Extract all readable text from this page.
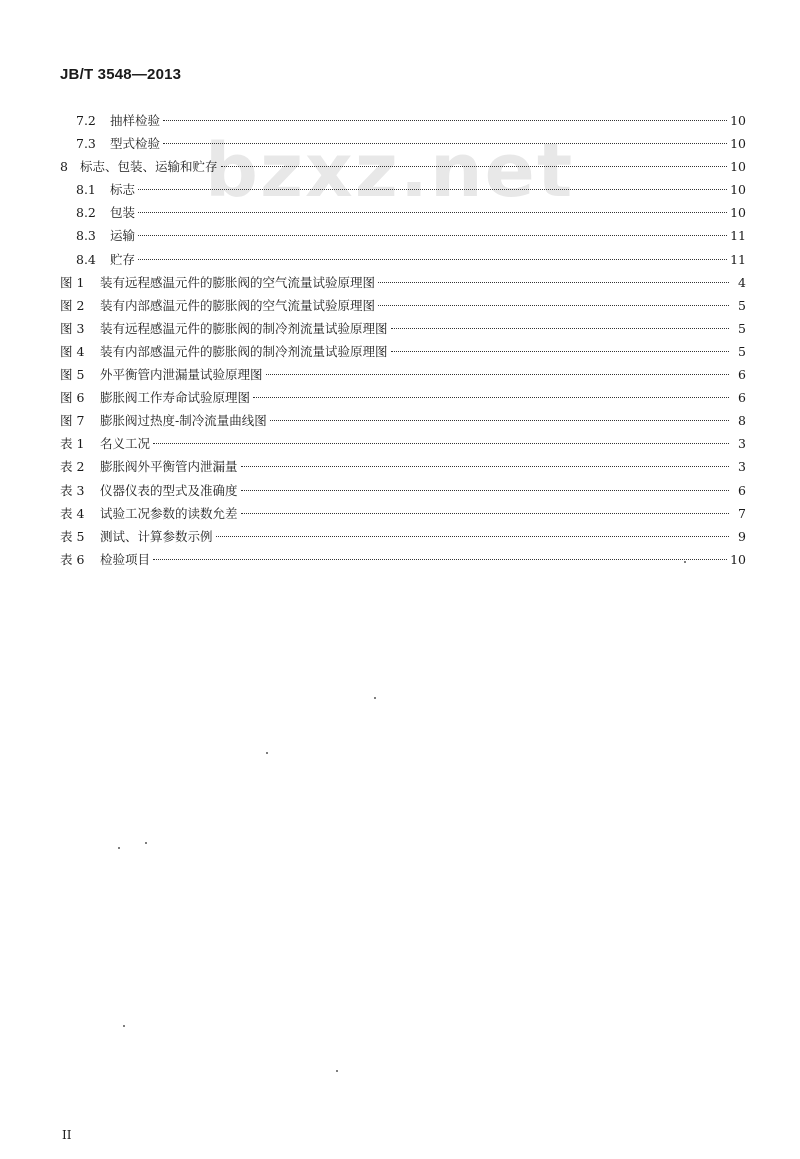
JB/T 3548—2013
bzxz.net
7.2	抽样检验	10
7.3	型式检验	10
8 标志、包装、运输和贮存	10
8.1	标志	10
8.2	包装	10
8.3	运输	11
8.4	贮存	11
图 1	装有远程感温元件的膨胀阀的空气流量试验原理图	4
图 2	装有内部感温元件的膨胀阀的空气流量试验原理图	5
图 3	装有远程感温元件的膨胀阀的制冷剂流量试验原理图	5
图 4	装有内部感温元件的膨胀阀的制冷剂流量试验原理图	5
图 5	外平衡管内泄漏量试验原理图	6
图 6	膨胀阀工作寿命试验原理图	6
图 7	膨胀阀过热度-制冷流量曲线图	8
表 1	名义工况	3
表 2	膨胀阀外平衡管内泄漏量	3
表 3	仪器仪表的型式及准确度	6
表 4	试验工况参数的读数允差	7
表 5	测试、计算参数示例	9
表 6	检验项目	10
II
